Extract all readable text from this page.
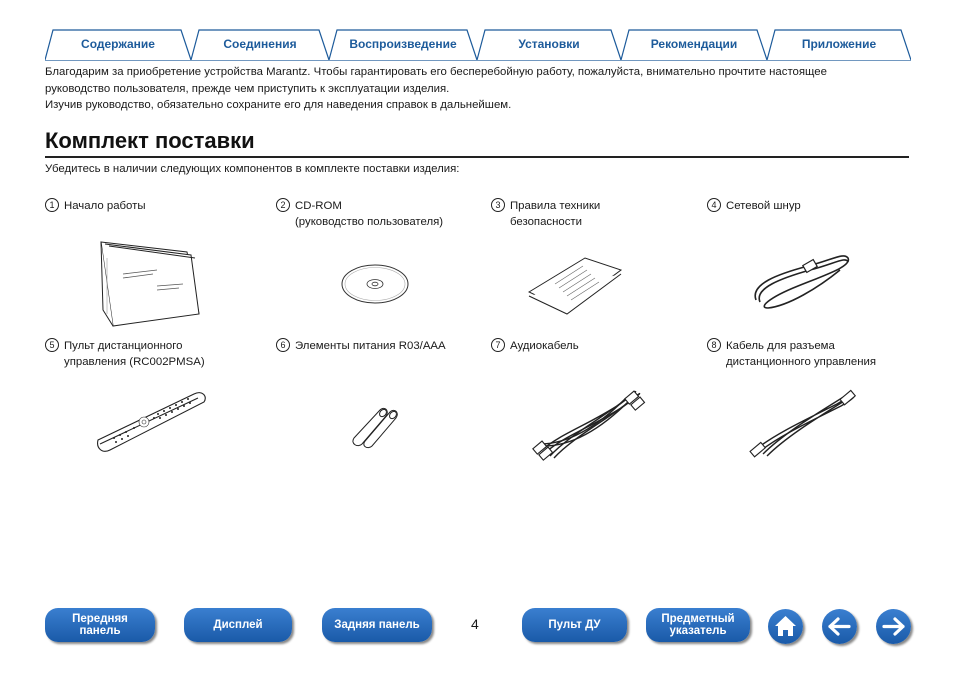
Содержание	Соединения	Воспроизведение	Установки	Рекомендации	Приложение

Благодарим за приобретение устройства Marantz. Чтобы гарантировать его бесперебойную работу, пожалуйста, внимательно прочтите настоящее

руководство пользователя, прежде чем приступить к эксплуатации изделия.

Изучив руководство, обязательно сохраните его для наведения справок в дальнейшем.

Комплект поставки
Убедитесь в наличии следующих компонентов в комплекте поставки изделия:
1 Начало работы	2 CD-ROM
(руководство пользователя)
3 Правила техники
безопасности
4 Сетевой шнур
5 Пульт дистанционного
управления (RC002PMSA)
6 Элементы питания R03/AAA	7 Аудиокабель	8 Кабель для разъема
дистанционного управления
Передняя
панель	Дисплей	Задняя панель	4	Пульт ДУ	Предметный
указатель
